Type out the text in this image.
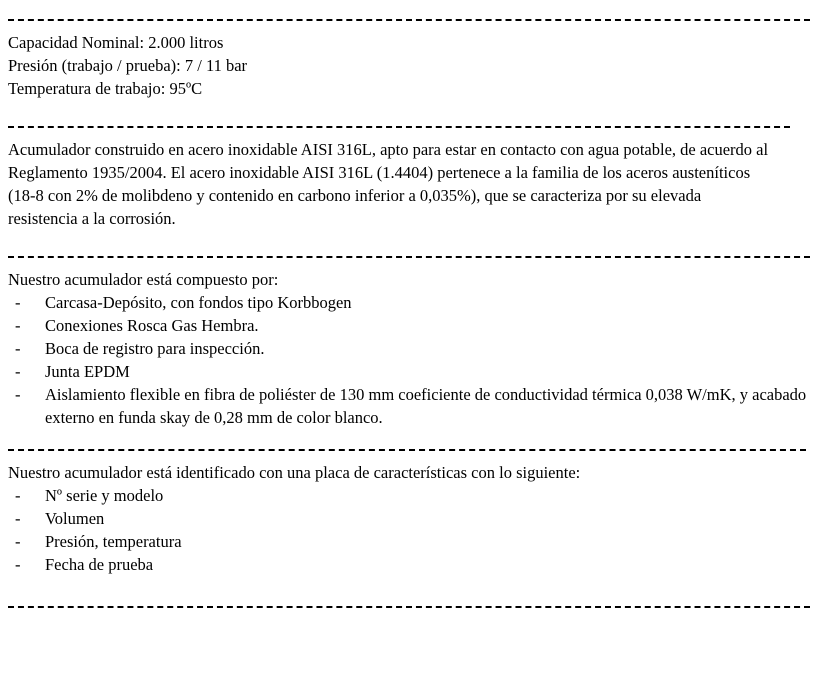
Capacidad Nominal: 2.000 litros
Presión (trabajo / prueba): 7 / 11 bar
Temperatura de trabajo: 95ºC

Acumulador construido en acero inoxidable AISI 316L, apto para estar en contacto con agua potable, de acuerdo al Reglamento 1935/2004. El acero inoxidable AISI 316L (1.4404) pertenece a la familia de los aceros austeníticos (18-8 con 2% de molibdeno y contenido en carbono inferior a 0,035%), que se caracteriza por su elevada resistencia a la corrosión.

Nuestro acumulador está compuesto por:
- Carcasa-Depósito, con fondos tipo Korbbogen
- Conexiones Rosca Gas Hembra.
- Boca de registro para inspección.
- Junta EPDM
- Aislamiento flexible en fibra de poliéster de 130 mm coeficiente de conductividad térmica 0,038 W/mK, y acabado externo en funda skay de 0,28 mm de color blanco.
Nuestro acumulador está identificado con una placa de características con lo siguiente:
- Nº serie y modelo
- Volumen
- Presión, temperatura
- Fecha de prueba
